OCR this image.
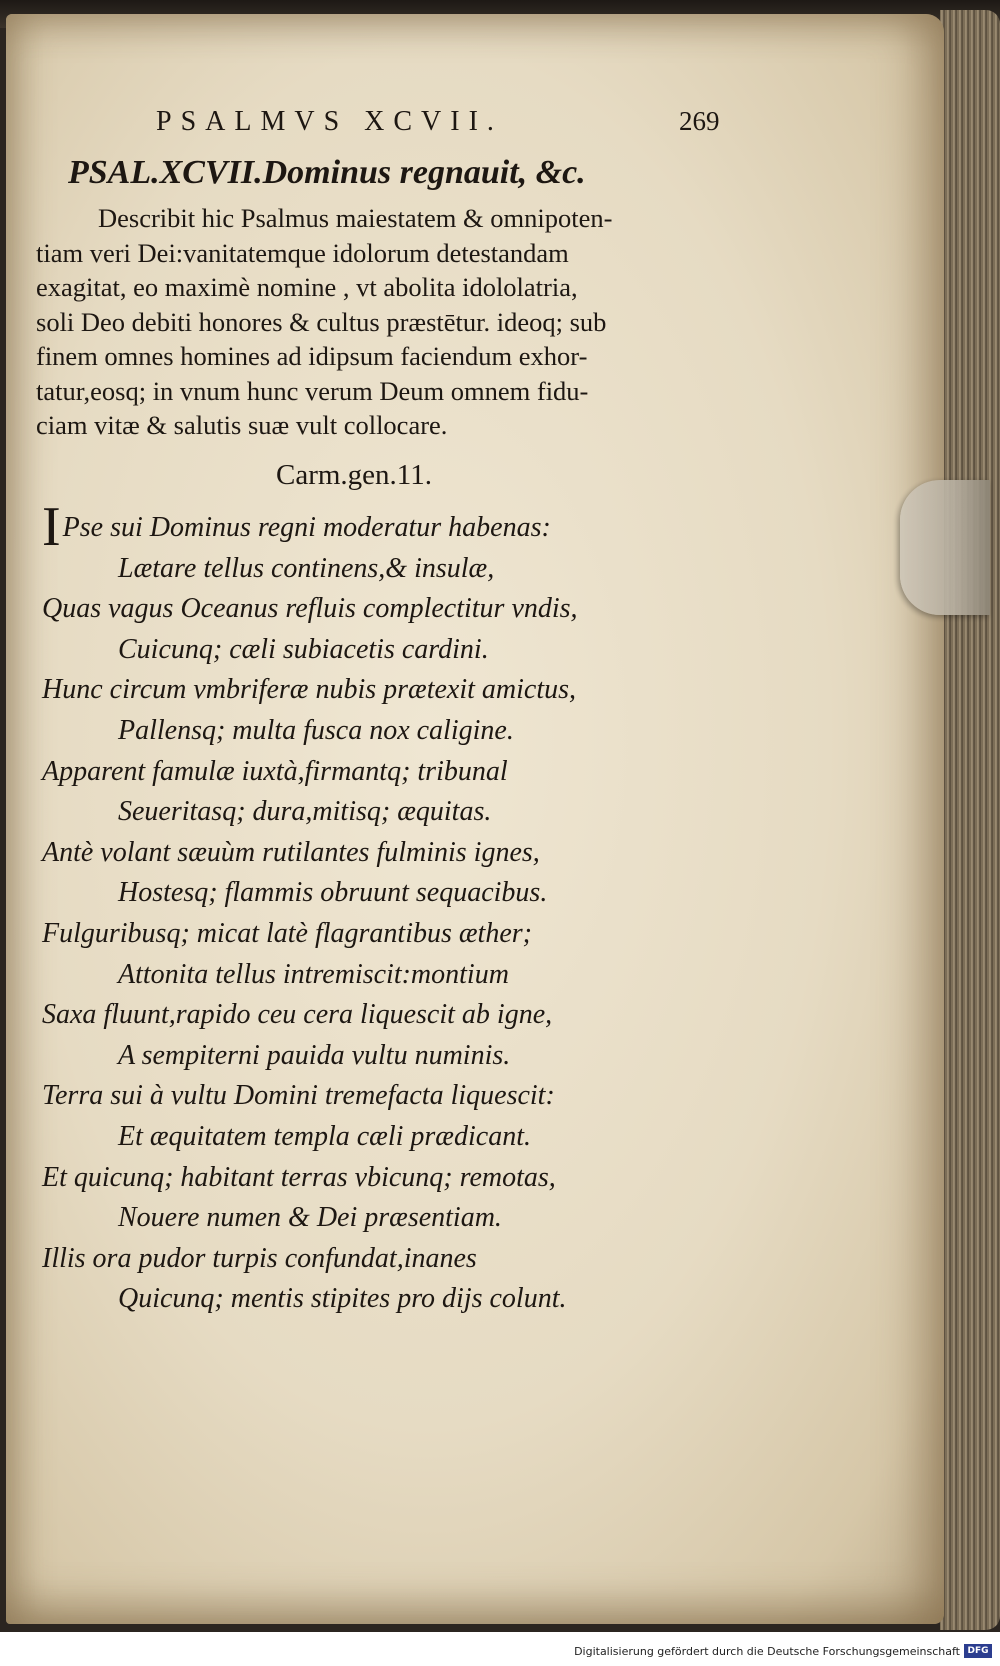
PSALMVS XCVII.	269
PSAL.XCVII.Dominus regnauit, &c.
Describit hic Psalmus maiestatem & omnipoten-
tiam veri Dei:vanitatemque idolorum detestandam
exagitat, eo maximè nomine , vt abolita idololatria,
soli Deo debiti honores & cultus præstētur. ideoq; sub
finem omnes homines ad idipsum faciendum exhor-
tatur,eosq; in vnum hunc verum Deum omnem fidu-
ciam vitæ & salutis suæ vult collocare.
Carm.gen.11.
I Pse sui Dominus regni moderatur habenas:
Lætare tellus continens,& insulæ,
Quas vagus Oceanus refluis complectitur vndis,
Cuicunq; cæli subiacetis cardini.
Hunc circum vmbriferæ nubis prætexit amictus,
Pallensq; multa fusca nox caligine.
Apparent famulæ iuxtà,firmantq; tribunal
Seueritasq; dura,mitisq; æquitas.
Antè volant sæuùm rutilantes fulminis ignes,
Hostesq; flammis obruunt sequacibus.
Fulguribusq; micat latè flagrantibus æther;
Attonita tellus intremiscit:montium
Saxa fluunt,rapido ceu cera liquescit ab igne,
A sempiterni pauida vultu numinis.
Terra sui à vultu Domini tremefacta liquescit:
Et æquitatem templa cæli prædicant.
Et quicunq; habitant terras vbicunq; remotas,
Nouere numen & Dei præsentiam.
Illis ora pudor turpis confundat,inanes
Quicunq; mentis stipites pro dijs colunt.
Digitalisierung gefördert durch die Deutsche Forschungsgemeinschaft DFG
